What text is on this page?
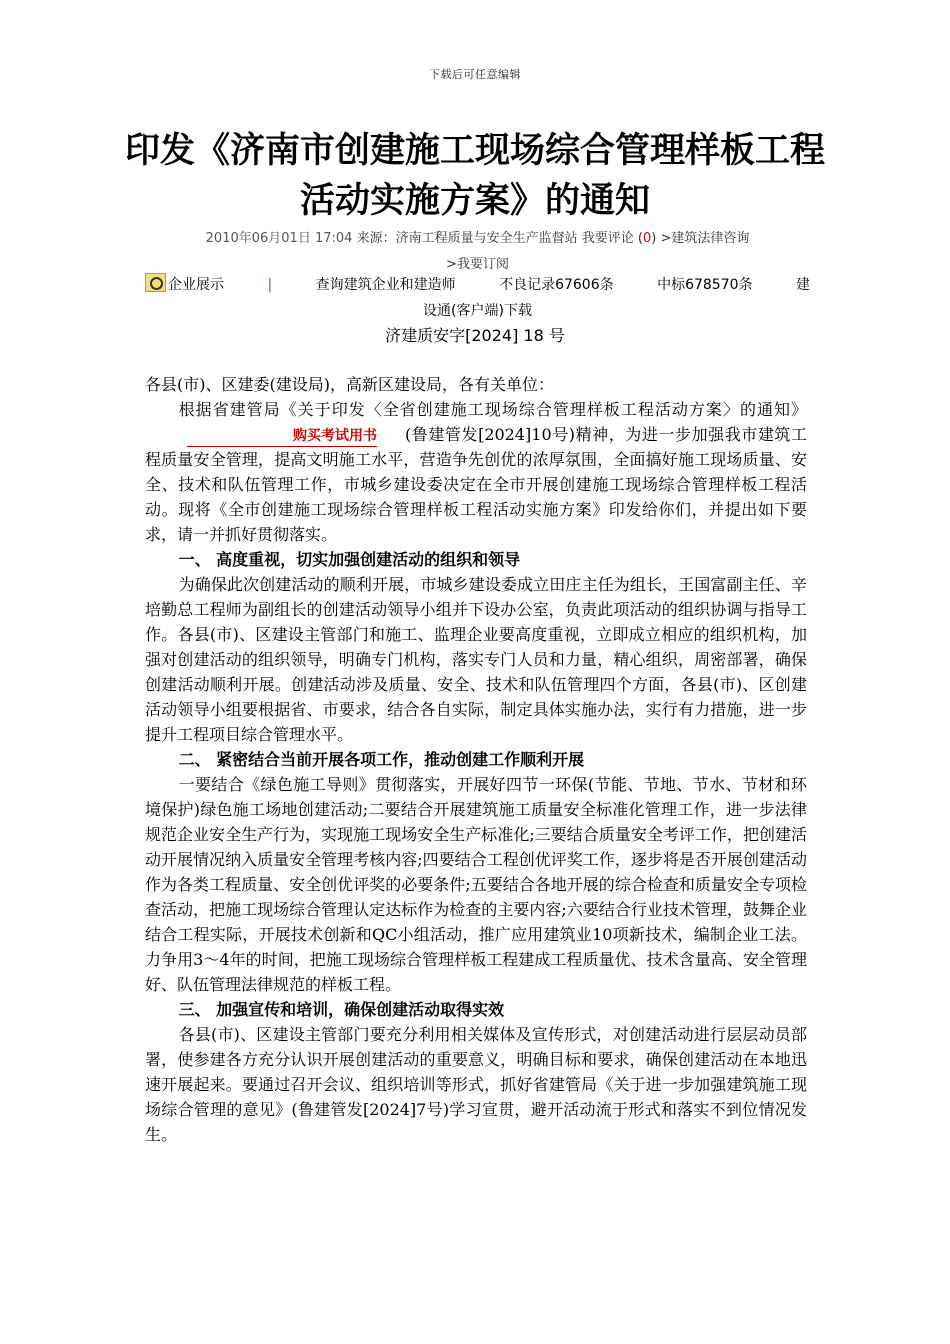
下载后可任意编辑
印发《济南市创建施工现场综合管理样板工程活动实施方案》的通知
2010年06月01日 17:04 来源：济南工程质量与安全生产监督站 我要评论 (0) >建筑法律咨询
>我要订阅
企业展示	|	查询建筑企业和建造师	不良记录67606条	中标678570条	建
设通(客户端)下载
济建质安字[2024] 18 号

各县(市)、区建委(建设局)，高新区建设局，各有关单位：

根据省建管局《关于印发〈全省创建施工现场综合管理样板工程活动方案〉的通知》购买考试用书 (鲁建管发[2024]10号)精神，为进一步加强我市建筑工程质量安全管理，提高文明施工水平，营造争先创优的浓厚氛围，全面搞好施工现场质量、安全、技术和队伍管理工作，市城乡建设委决定在全市开展创建施工现场综合管理样板工程活动。现将《全市创建施工现场综合管理样板工程活动实施方案》印发给你们，并提出如下要求，请一并抓好贯彻落实。

一、 高度重视，切实加强创建活动的组织和领导

为确保此次创建活动的顺利开展，市城乡建设委成立田庄主任为组长，王国富副主任、辛培勤总工程师为副组长的创建活动领导小组并下设办公室，负责此项活动的组织协调与指导工作。各县(市)、区建设主管部门和施工、监理企业要高度重视，立即成立相应的组织机构，加强对创建活动的组织领导，明确专门机构，落实专门人员和力量，精心组织，周密部署，确保创建活动顺利开展。创建活动涉及质量、安全、技术和队伍管理四个方面，各县(市)、区创建活动领导小组要根据省、市要求，结合各自实际，制定具体实施办法，实行有力措施，进一步提升工程项目综合管理水平。

二、 紧密结合当前开展各项工作，推动创建工作顺利开展

一要结合《绿色施工导则》贯彻落实，开展好四节一环保(节能、节地、节水、节材和环境保护)绿色施工场地创建活动;二要结合开展建筑施工质量安全标准化管理工作，进一步法律规范企业安全生产行为，实现施工现场安全生产标准化;三要结合质量安全考评工作，把创建活动开展情况纳入质量安全管理考核内容;四要结合工程创优评奖工作，逐步将是否开展创建活动作为各类工程质量、安全创优评奖的必要条件;五要结合各地开展的综合检查和质量安全专项检查活动，把施工现场综合管理认定达标作为检查的主要内容;六要结合行业技术管理，鼓舞企业结合工程实际，开展技术创新和QC小组活动，推广应用建筑业10项新技术，编制企业工法。力争用3～4年的时间，把施工现场综合管理样板工程建成工程质量优、技术含量高、安全管理好、队伍管理法律规范的样板工程。

三、 加强宣传和培训，确保创建活动取得实效

各县(市)、区建设主管部门要充分利用相关媒体及宣传形式，对创建活动进行层层动员部署，使参建各方充分认识开展创建活动的重要意义，明确目标和要求，确保创建活动在本地迅速开展起来。要通过召开会议、组织培训等形式，抓好省建管局《关于进一步加强建筑施工现场综合管理的意见》(鲁建管发[2024]7号)学习宣贯，避开活动流于形式和落实不到位情况发生。
